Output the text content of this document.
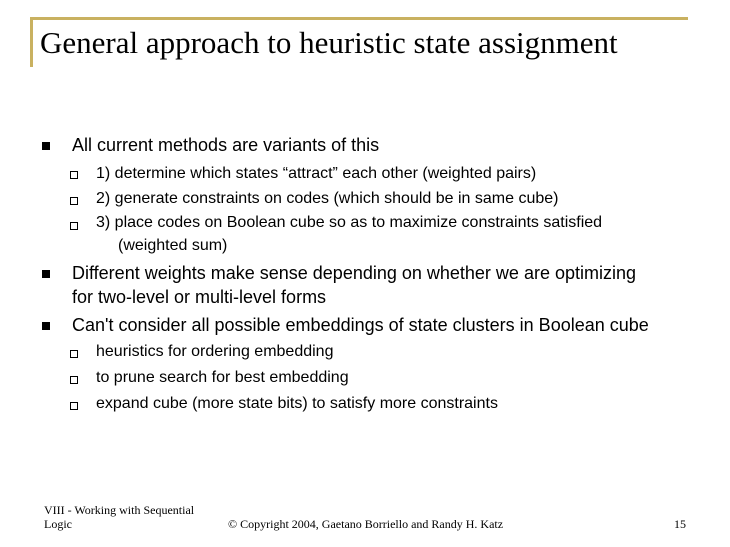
General approach to heuristic state assignment
All current methods are variants of this
1) determine which states “attract” each other (weighted pairs)
2) generate constraints on codes (which should be in same cube)
3) place codes on Boolean cube so as to maximize constraints satisfied
(weighted sum)
Different weights make sense depending on whether we are optimizing
for two-level or multi-level forms
Can't consider all possible embeddings of state clusters in Boolean cube
heuristics for ordering embedding
to prune search for best embedding
expand cube (more state bits) to satisfy more constraints
VIII - Working with Sequential
Logic	© Copyright 2004, Gaetano Borriello and Randy H. Katz	15
